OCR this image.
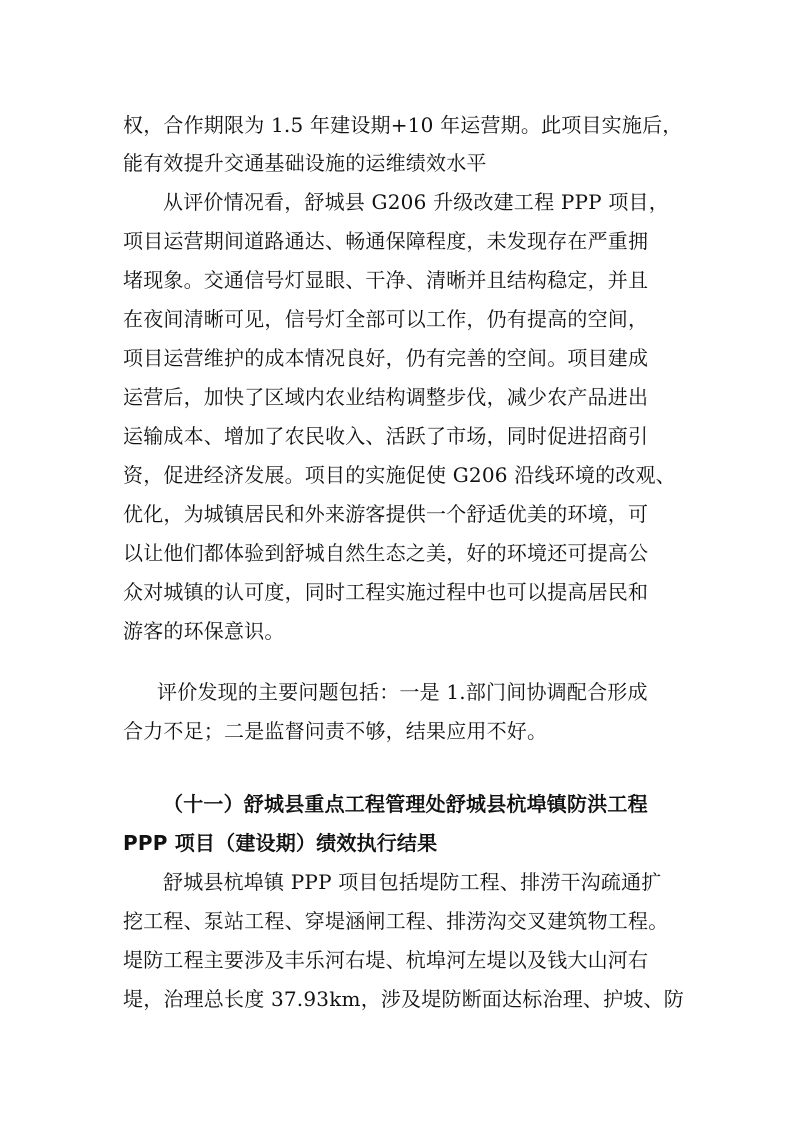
权，合作期限为 1.5 年建设期+10 年运营期。此项目实施后，
能有效提升交通基础设施的运维绩效水平
从评价情况看，舒城县 G206 升级改建工程 PPP 项目，
项目运营期间道路通达、畅通保障程度，未发现存在严重拥
堵现象。交通信号灯显眼、干净、清晰并且结构稳定，并且
在夜间清晰可见，信号灯全部可以工作，仍有提高的空间，
项目运营维护的成本情况良好，仍有完善的空间。项目建成
运营后，加快了区域内农业结构调整步伐，减少农产品进出
运输成本、增加了农民收入、活跃了市场，同时促进招商引
资，促进经济发展。项目的实施促使 G206 沿线环境的改观、
优化，为城镇居民和外来游客提供一个舒适优美的环境，可
以让他们都体验到舒城自然生态之美，好的环境还可提高公
众对城镇的认可度，同时工程实施过程中也可以提高居民和
游客的环保意识。
评价发现的主要问题包括：一是 1.部门间协调配合形成
合力不足；二是监督问责不够，结果应用不好。
（十一）舒城县重点工程管理处舒城县杭埠镇防洪工程
PPP 项目（建设期）绩效执行结果
舒城县杭埠镇 PPP 项目包括堤防工程、排涝干沟疏通扩
挖工程、泵站工程、穿堤涵闸工程、排涝沟交叉建筑物工程。
堤防工程主要涉及丰乐河右堤、杭埠河左堤以及钱大山河右
堤，治理总长度 37.93km，涉及堤防断面达标治理、护坡、防
